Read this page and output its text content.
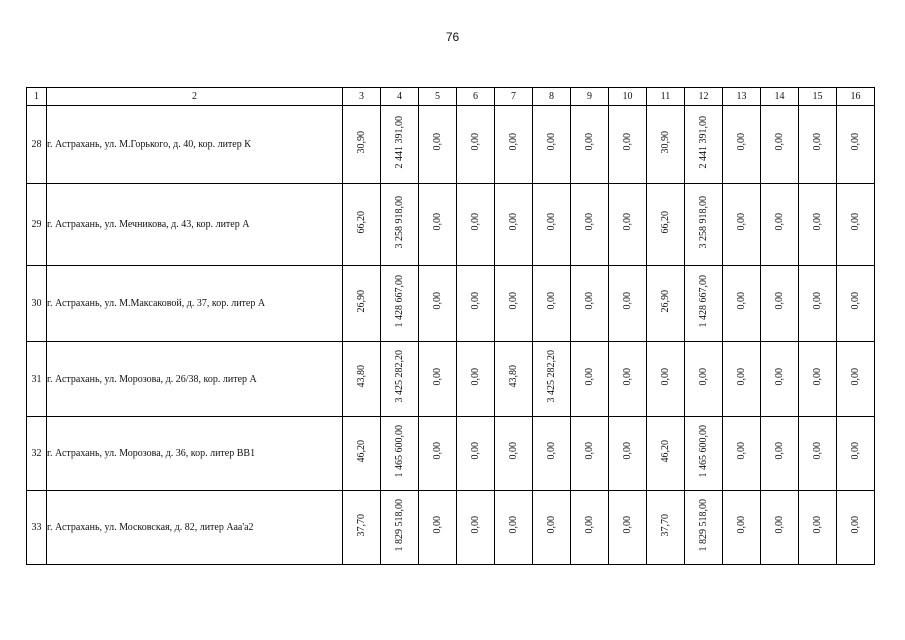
76
1	2	3	4	5	6	7	8	9	10	11	12	13	14	15	16
28	г. Астрахань, ул. М.Горького, д. 40, кор. литер К	30,90	2 441 391,00	0,00	0,00	0,00	0,00	0,00	0,00	30,90	2 441 391,00	0,00	0,00	0,00	0,00
29	г. Астрахань, ул. Мечникова, д. 43, кор. литер А	66,20	3 258 918,00	0,00	0,00	0,00	0,00	0,00	0,00	66,20	3 258 918,00	0,00	0,00	0,00	0,00
30	г. Астрахань, ул. М.Максаковой, д. 37, кор. литер А	26,90	1 428 667,00	0,00	0,00	0,00	0,00	0,00	0,00	26,90	1 428 667,00	0,00	0,00	0,00	0,00
31	г. Астрахань, ул. Морозова, д. 26/38, кор. литер А	43,80	3 425 282,20	0,00	0,00	43,80	3 425 282,20	0,00	0,00	0,00	0,00	0,00	0,00	0,00	0,00
32	г. Астрахань, ул. Морозова, д. 36, кор. литер ВВ1	46,20	1 465 600,00	0,00	0,00	0,00	0,00	0,00	0,00	46,20	1 465 600,00	0,00	0,00	0,00	0,00
33	г. Астрахань, ул. Московская, д. 82, литер Ааа'а2	37,70	1 829 518,00	0,00	0,00	0,00	0,00	0,00	0,00	37,70	1 829 518,00	0,00	0,00	0,00	0,00
